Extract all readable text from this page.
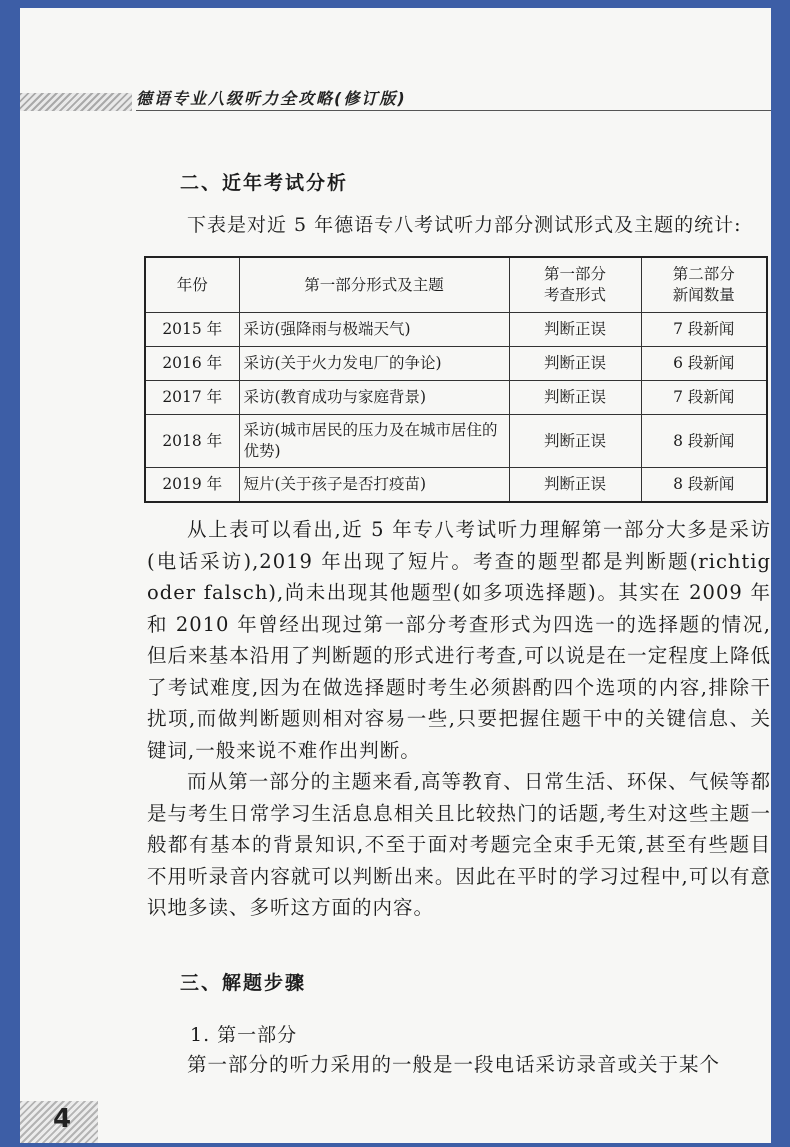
德语专业八级听力全攻略(修订版)
二、近年考试分析

下表是对近 5 年德语专八考试听力部分测试形式及主题的统计:

年份	第一部分形式及主题	第一部分考查形式	第二部分新闻数量

2015 年	采访(强降雨与极端天气)	判断正误	7 段新闻
2016 年	采访(关于火力发电厂的争论)	判断正误	6 段新闻
2017 年	采访(教育成功与家庭背景)	判断正误	7 段新闻
2018 年	采访(城市居民的压力及在城市居住的优势)	判断正误	8 段新闻
2019 年	短片(关于孩子是否打疫苗)	判断正误	8 段新闻

从上表可以看出,近 5 年专八考试听力理解第一部分大多是采访(电话采访),2019 年出现了短片。考查的题型都是判断题(richtig oder falsch),尚未出现其他题型(如多项选择题)。其实在 2009 年和 2010 年曾经出现过第一部分考查形式为四选一的选择题的情况,但后来基本沿用了判断题的形式进行考查,可以说是在一定程度上降低了考试难度,因为在做选择题时考生必须斟酌四个选项的内容,排除干扰项,而做判断题则相对容易一些,只要把握住题干中的关键信息、关键词,一般来说不难作出判断。

而从第一部分的主题来看,高等教育、日常生活、环保、气候等都是与考生日常学习生活息息相关且比较热门的话题,考生对这些主题一般都有基本的背景知识,不至于面对考题完全束手无策,甚至有些题目不用听录音内容就可以判断出来。因此在平时的学习过程中,可以有意识地多读、多听这方面的内容。

三、解题步骤
1. 第一部分

第一部分的听力采用的一般是一段电话采访录音或关于某个

4
